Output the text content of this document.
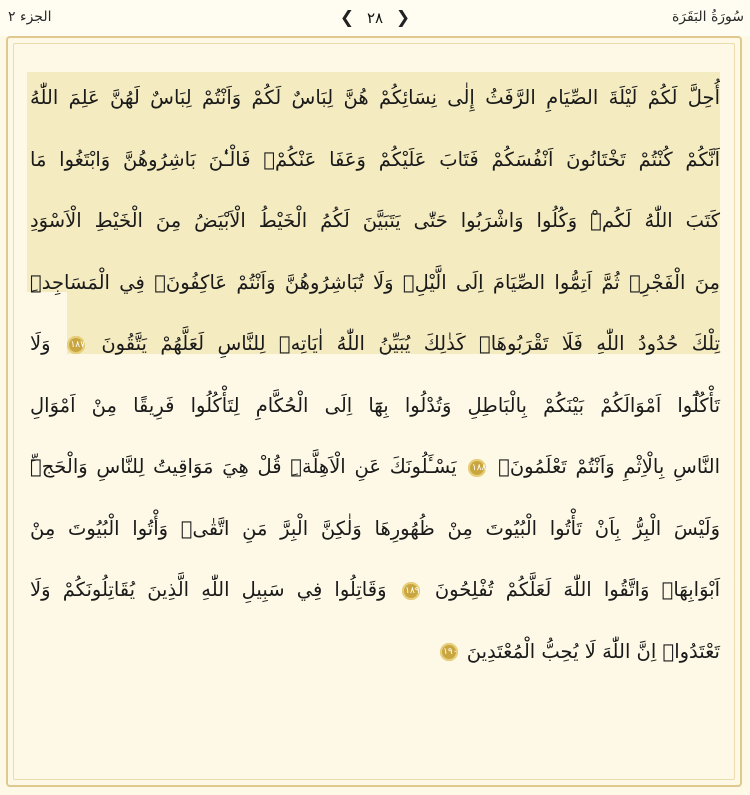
الجزء ٢	❮ ٢٨ ❯	سُورَةُ البَقَرَة
أُحِلَّ لَكُمْ لَيْلَةَ الصِّيَامِ الرَّفَثُ إِلٰى نِسَائِكُمْ هُنَّ لِبَاسٌ لَكُمْ وَاَنْتُمْ لِبَاسٌ لَهُنَّ عَلِمَ اللّٰهُ
اَنَّكُمْ كُنْتُمْ تَخْتَانُونَ اَنْفُسَكُمْ فَتَابَ عَلَيْكُمْ وَعَفَا عَنْكُمْۚ فَالْـٰٔنَ بَاشِرُوهُنَّ وَابْتَغُوا مَا
كَتَبَ اللّٰهُ لَكُمْۜ وَكُلُوا وَاشْرَبُوا حَتّٰى يَتَبَيَّنَ لَكُمُ الْخَيْطُ الْاَبْيَضُ مِنَ الْخَيْطِ الْاَسْوَدِ
مِنَ الْفَجْرِۖ ثُمَّ اَتِمُّوا الصِّيَامَ اِلَى الَّيْلِۚ وَلَا تُبَاشِرُوهُنَّ وَاَنْتُمْ عَاكِفُونَۙ فِي الْمَسَاجِدِۜ
تِلْكَ حُدُودُ اللّٰهِ فَلَا تَقْرَبُوهَاۜ كَذٰلِكَ يُبَيِّنُ اللّٰهُ اٰيَاتِه۪ لِلنَّاسِ لَعَلَّهُمْ يَتَّقُونَ ١٨٧ وَلَا
تَأْكُلُٓوا اَمْوَالَكُمْ بَيْنَكُمْ بِالْبَاطِلِ وَتُدْلُوا بِهَٓا اِلَى الْحُكَّامِ لِتَأْكُلُوا فَرِيقًا مِنْ اَمْوَالِ
النَّاسِ بِالْاِثْمِ وَاَنْتُمْ تَعْلَمُونَ۟ ١٨٨ يَسْـَٔلُونَكَ عَنِ الْاَهِلَّةِۜ قُلْ هِيَ مَوَاقِيتُ لِلنَّاسِ وَالْحَجِّۜ
وَلَيْسَ الْبِرُّ بِاَنْ تَأْتُوا الْبُيُوتَ مِنْ ظُهُورِهَا وَلٰكِنَّ الْبِرَّ مَنِ اتَّقٰىۚ وَأْتُوا الْبُيُوتَ مِنْ
اَبْوَابِهَاۖ وَاتَّقُوا اللّٰهَ لَعَلَّكُمْ تُفْلِحُونَ ١٨٩ وَقَاتِلُوا فِي سَبِيلِ اللّٰهِ الَّذِينَ يُقَاتِلُونَكُمْ وَلَا
تَعْتَدُواۜ اِنَّ اللّٰهَ لَا يُحِبُّ الْمُعْتَدِينَ ١٩٠
